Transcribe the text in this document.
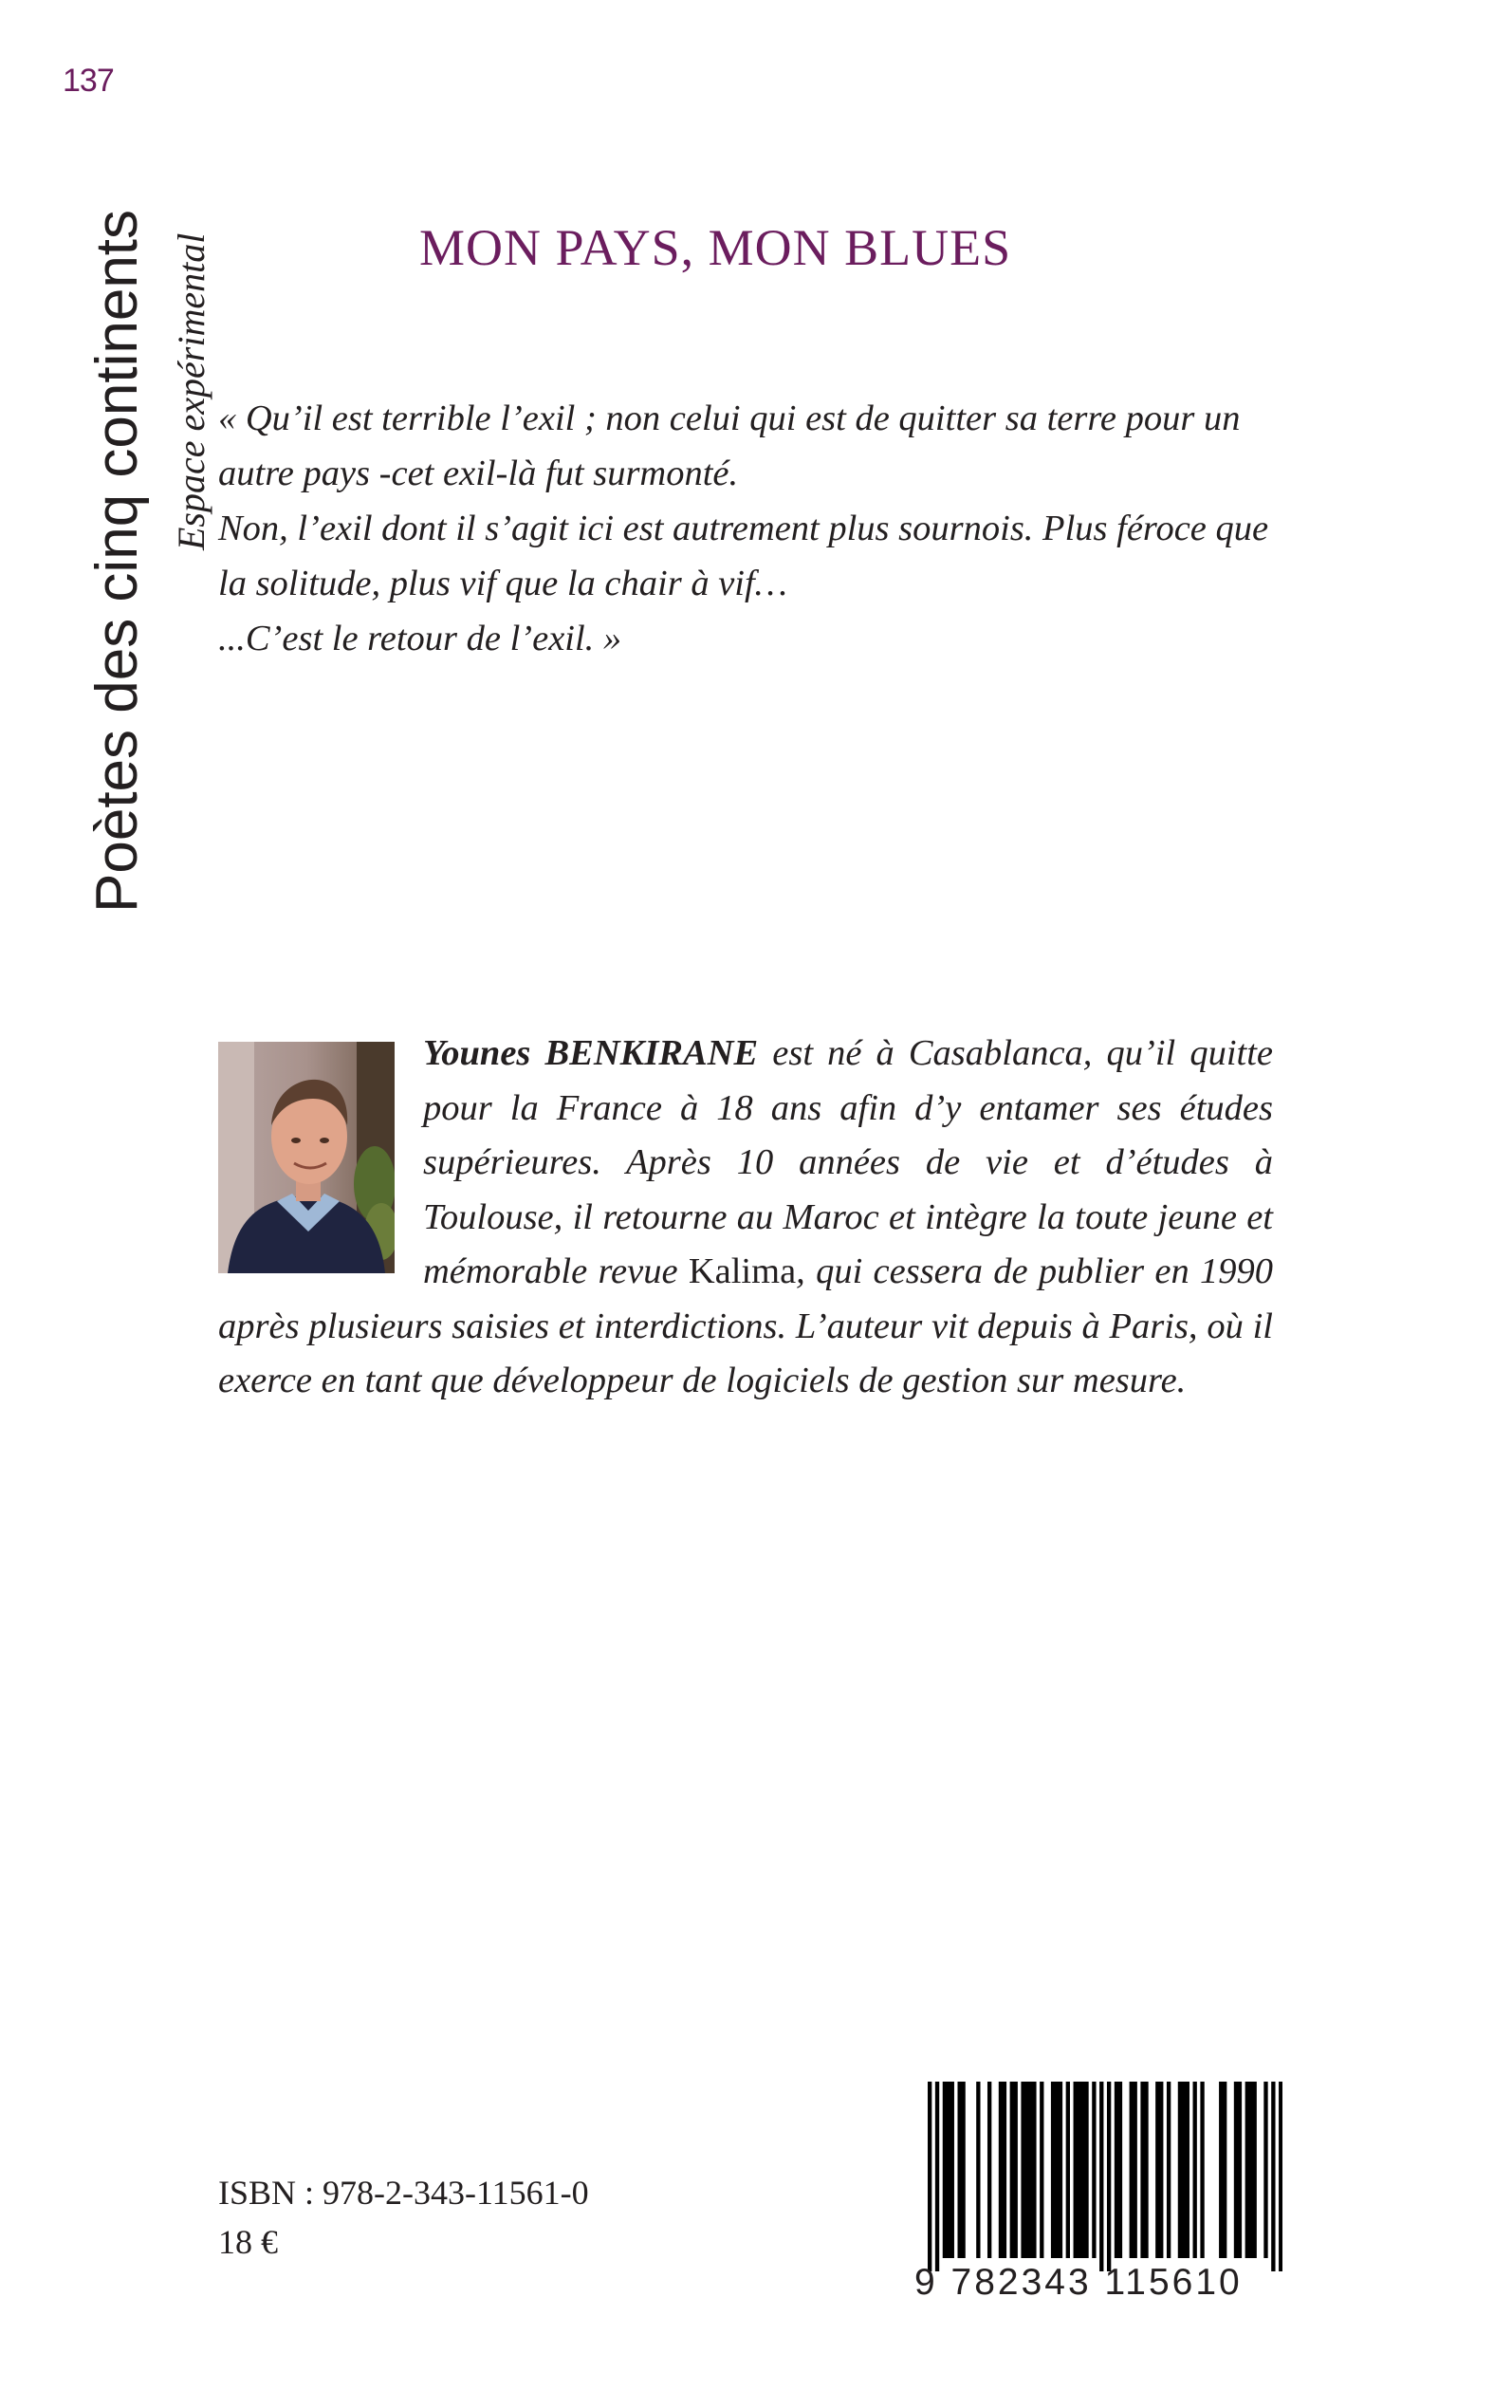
137
Poètes des cinq continents Espace expérimental	MON PAYS, MON BLUES

« Qu’il est terrible l’exil ; non celui qui est de quitter sa terre pour un autre pays -cet exil-là fut surmonté.

Non, l’exil dont il s’agit ici est autrement plus sournois. Plus féroce que la solitude, plus vif que la chair à vif…

...C’est le retour de l’exil. »

Younes BENKIRANE est né à Casablanca, qu’il quitte pour la France à 18 ans afin d’y entamer ses études supérieures. Après 10 années de vie et d’études à Toulouse, il retourne au Maroc et intègre la toute jeune et mémorable revue Kalima, qui cessera de publier en 1990 après plusieurs saisies et interdictions. L’auteur vit depuis à Paris, où il exerce en tant que développeur de logiciels de gestion sur mesure.
ISBN : 978-2-343-11561-0
18 €
9 782343 115610
